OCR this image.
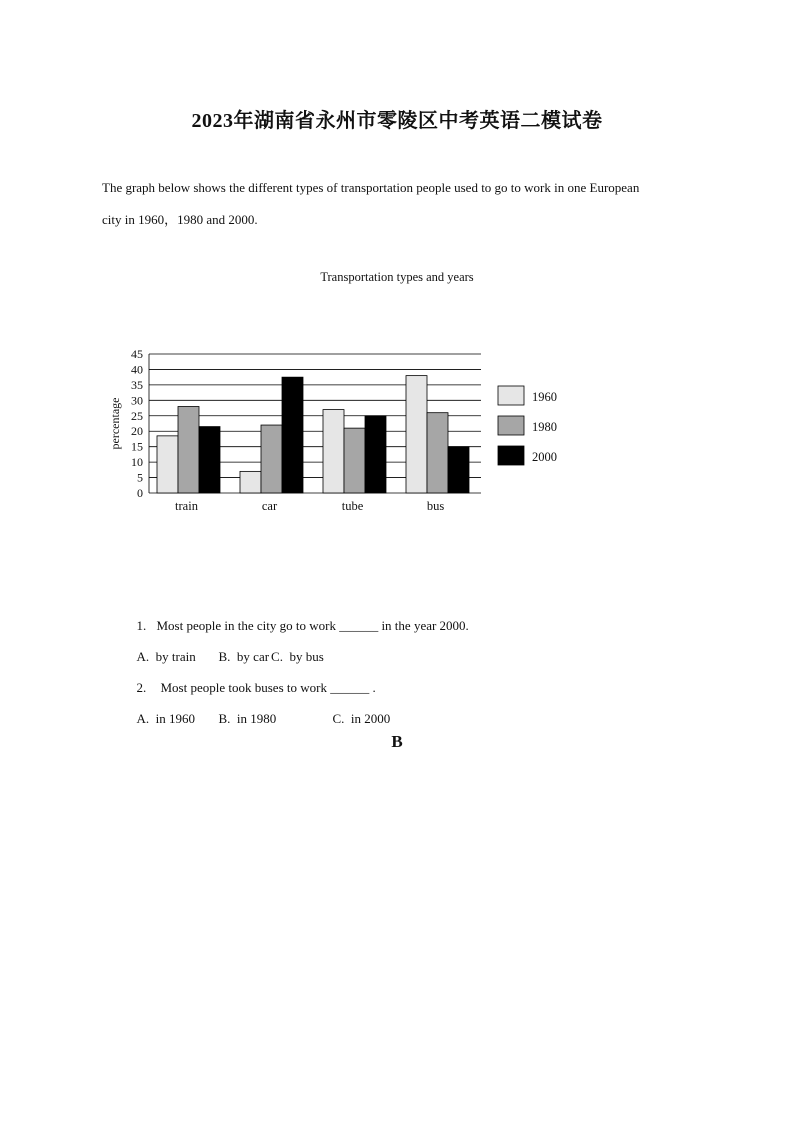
2023年湖南省永州市零陵区中考英语二模试卷
The graph below shows the different types of transportation people used to go to work in one European
city in 1960，1980 and 2000.
Transportation types and years
0
5
10
15
20
25
30
35
40
45
percentage
train	car	tube	bus
1960
1980
2000

1. Most people in the city go to work ______ in the year 2000.

A.  by train B.  by car C.  by bus

2. Most people took buses to work ______ .

A.  in 1960 B.  in 1980	C.  in 2000

B
